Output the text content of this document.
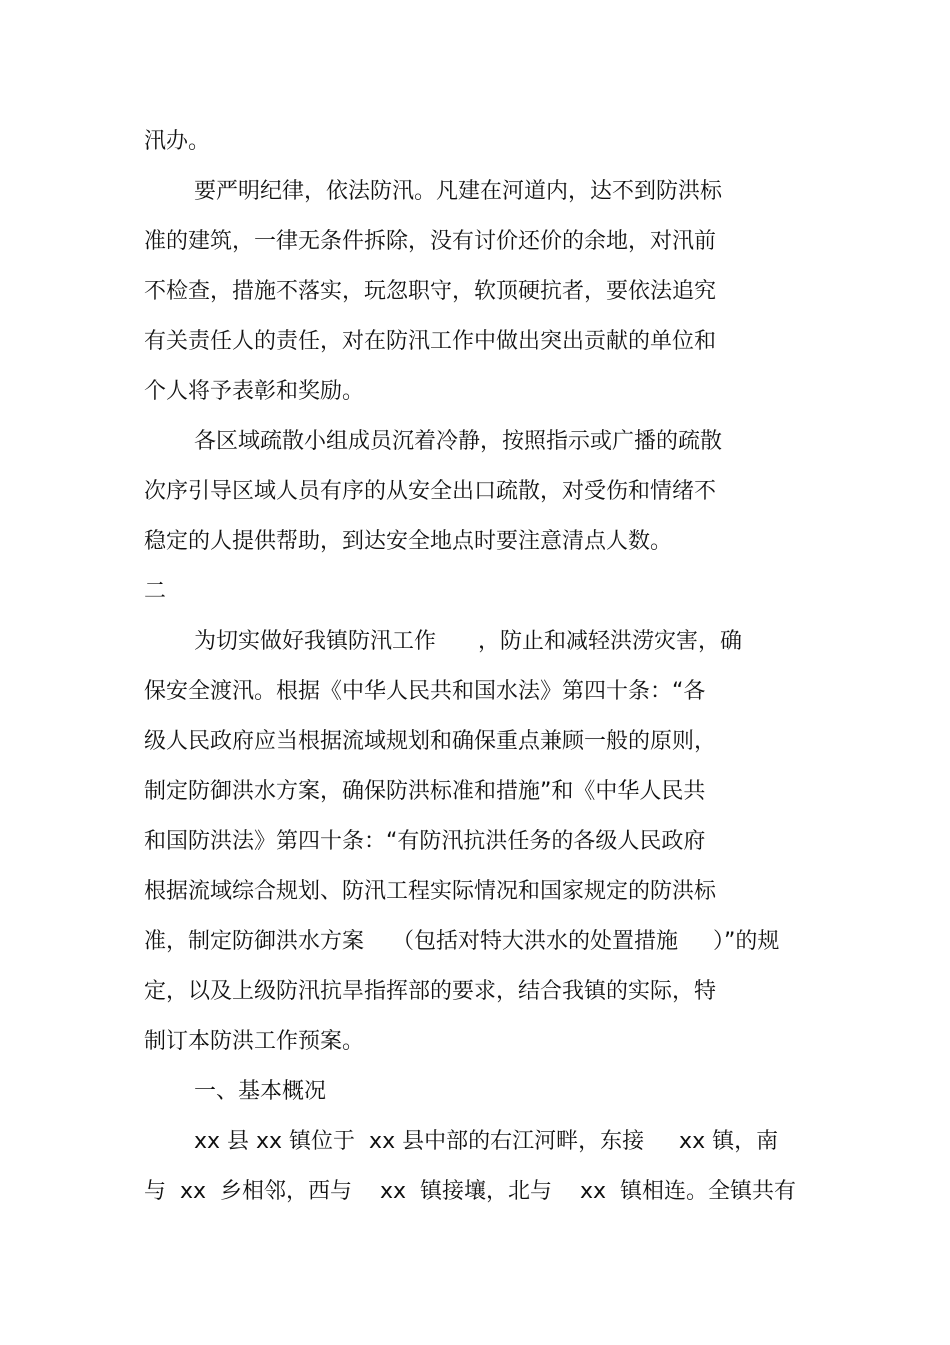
汛办。
要严明纪律，依法防汛。凡建在河道内，达不到防洪标
准的建筑，一律无条件拆除，没有讨价还价的余地，对汛前
不检查，措施不落实，玩忽职守，软顶硬抗者，要依法追究
有关责任人的责任，对在防汛工作中做出突出贡献的单位和
个人将予表彰和奖励。
各区域疏散小组成员沉着冷静，按照指示或广播的疏散
次序引导区域人员有序的从安全出口疏散，对受伤和情绪不
稳定的人提供帮助，到达安全地点时要注意清点人数。
二
为切实做好我镇防汛工作      ，防止和减轻洪涝灾害，确
保安全渡汛。根据《中华人民共和国水法》第四十条：“各
级人民政府应当根据流域规划和确保重点兼顾一般的原则，
制定防御洪水方案，确保防洪标准和措施”和《中华人民共
和国防洪法》第四十条：“有防汛抗洪任务的各级人民政府
根据流域综合规划、防汛工程实际情况和国家规定的防洪标
准，制定防御洪水方案    （包括对特大洪水的处置措施     ）”的规
定，以及上级防汛抗旱指挥部的要求，结合我镇的实际，特
制订本防洪工作预案。
一、基本概况
xx 县 xx 镇位于  xx 县中部的右江河畔，东接     xx 镇，南
与  xx  乡相邻，西与    xx  镇接壤，北与    xx  镇相连。全镇共有
